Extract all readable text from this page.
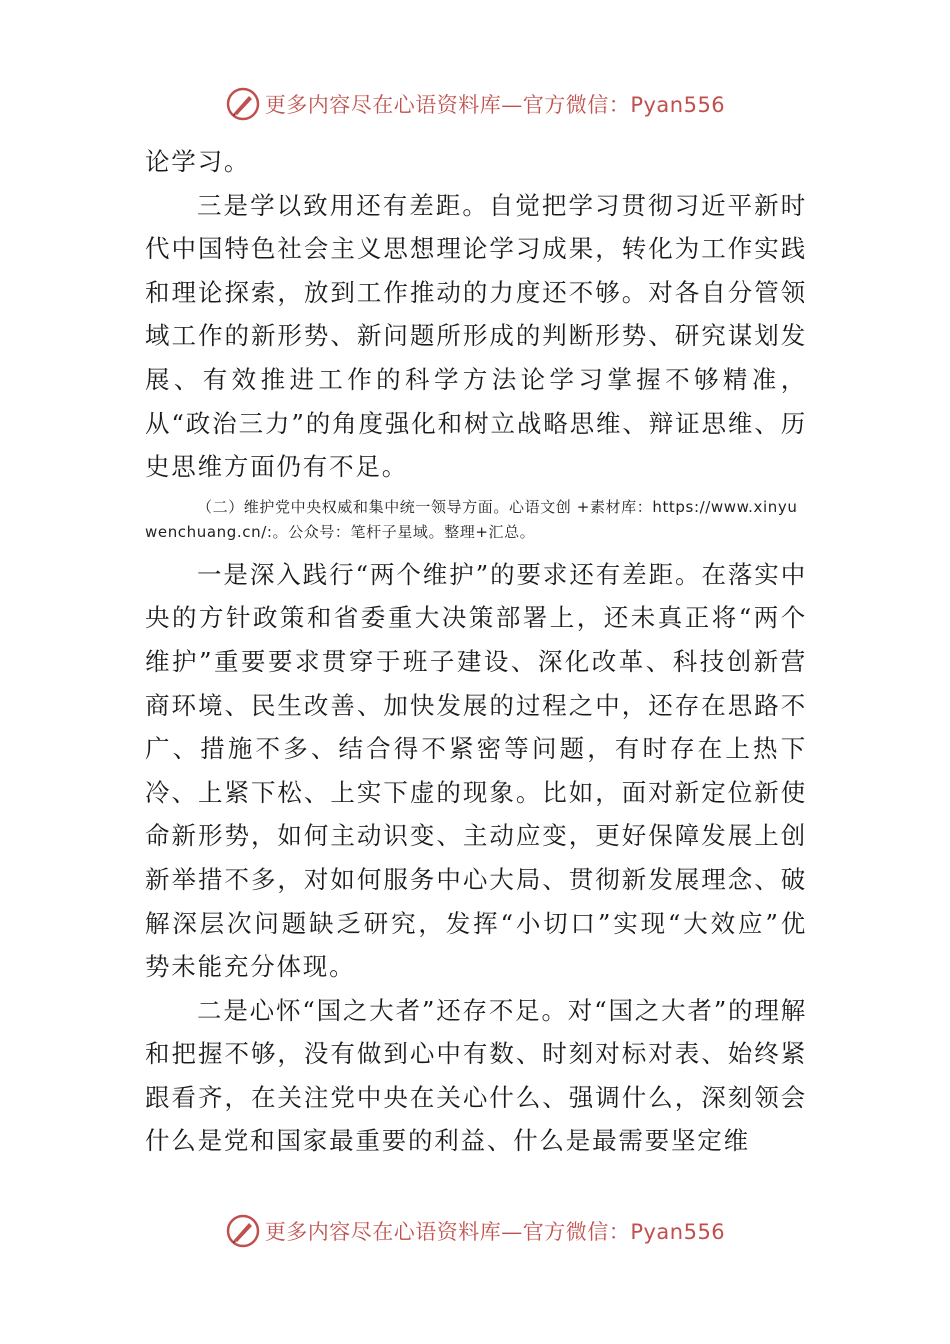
更多内容尽在心语资料库—官方微信：Pyan556

论学习。

三是学以致用还有差距。自觉把学习贯彻习近平新时代中国特色社会主义思想理论学习成果，转化为工作实践和理论探索，放到工作推动的力度还不够。对各自分管领域工作的新形势、新问题所形成的判断形势、研究谋划发展、有效推进工作的科学方法论学习掌握不够精准，从“政治三力”的角度强化和树立战略思维、辩证思维、历史思维方面仍有不足。

（二）维护党中央权威和集中统一领导方面。心语文创 +素材库：https://www.xinyuwenchuang.cn/:。公众号：笔杆子星域。整理+汇总。

一是深入践行“两个维护”的要求还有差距。在落实中央的方针政策和省委重大决策部署上，还未真正将“两个维护”重要要求贯穿于班子建设、深化改革、科技创新营商环境、民生改善、加快发展的过程之中，还存在思路不广、措施不多、结合得不紧密等问题，有时存在上热下冷、上紧下松、上实下虚的现象。比如，面对新定位新使命新形势，如何主动识变、主动应变，更好保障发展上创新举措不多，对如何服务中心大局、贯彻新发展理念、破解深层次问题缺乏研究，发挥“小切口”实现“大效应”优势未能充分体现。

二是心怀“国之大者”还存不足。对“国之大者”的理解和把握不够，没有做到心中有数、时刻对标对表、始终紧跟看齐，在关注党中央在关心什么、强调什么，深刻领会什么是党和国家最重要的利益、什么是最需要坚定维

更多内容尽在心语资料库—官方微信：Pyan556
